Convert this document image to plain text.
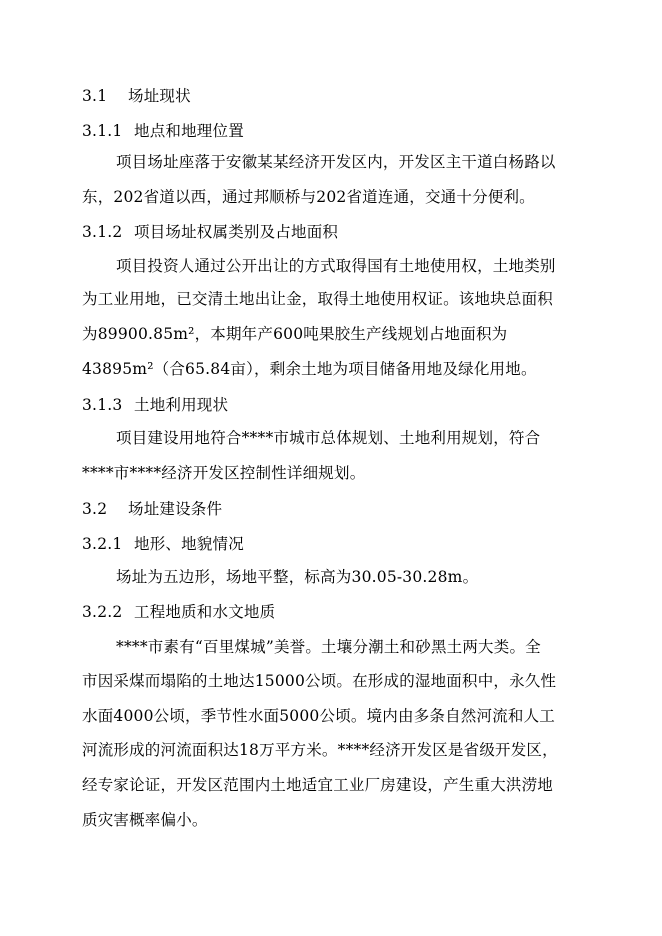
3.1 场址现状
3.1.1 地点和地理位置
项目场址座落于安徽某某经济开发区内，开发区主干道白杨路以
东，202省道以西，通过邦顺桥与202省道连通，交通十分便利。
3.1.2 项目场址权属类别及占地面积
项目投资人通过公开出让的方式取得国有土地使用权，土地类别
为工业用地，已交清土地出让金，取得土地使用权证。该地块总面积
为89900.85m²，本期年产600吨果胶生产线规划占地面积为
43895m²（合65.84亩），剩余土地为项目储备用地及绿化用地。
3.1.3 土地利用现状
项目建设用地符合****市城市总体规划、土地利用规划，符合
****市****经济开发区控制性详细规划。
3.2 场址建设条件
3.2.1 地形、地貌情况
场址为五边形，场地平整，标高为30.05-30.28m。
3.2.2 工程地质和水文地质
****市素有“百里煤城”美誉。土壤分潮土和砂黑土两大类。全
市因采煤而塌陷的土地达15000公顷。在形成的湿地面积中，永久性
水面4000公顷，季节性水面5000公顷。境内由多条自然河流和人工
河流形成的河流面积达18万平方米。****经济开发区是省级开发区，
经专家论证，开发区范围内土地适宜工业厂房建设，产生重大洪涝地
质灾害概率偏小。
